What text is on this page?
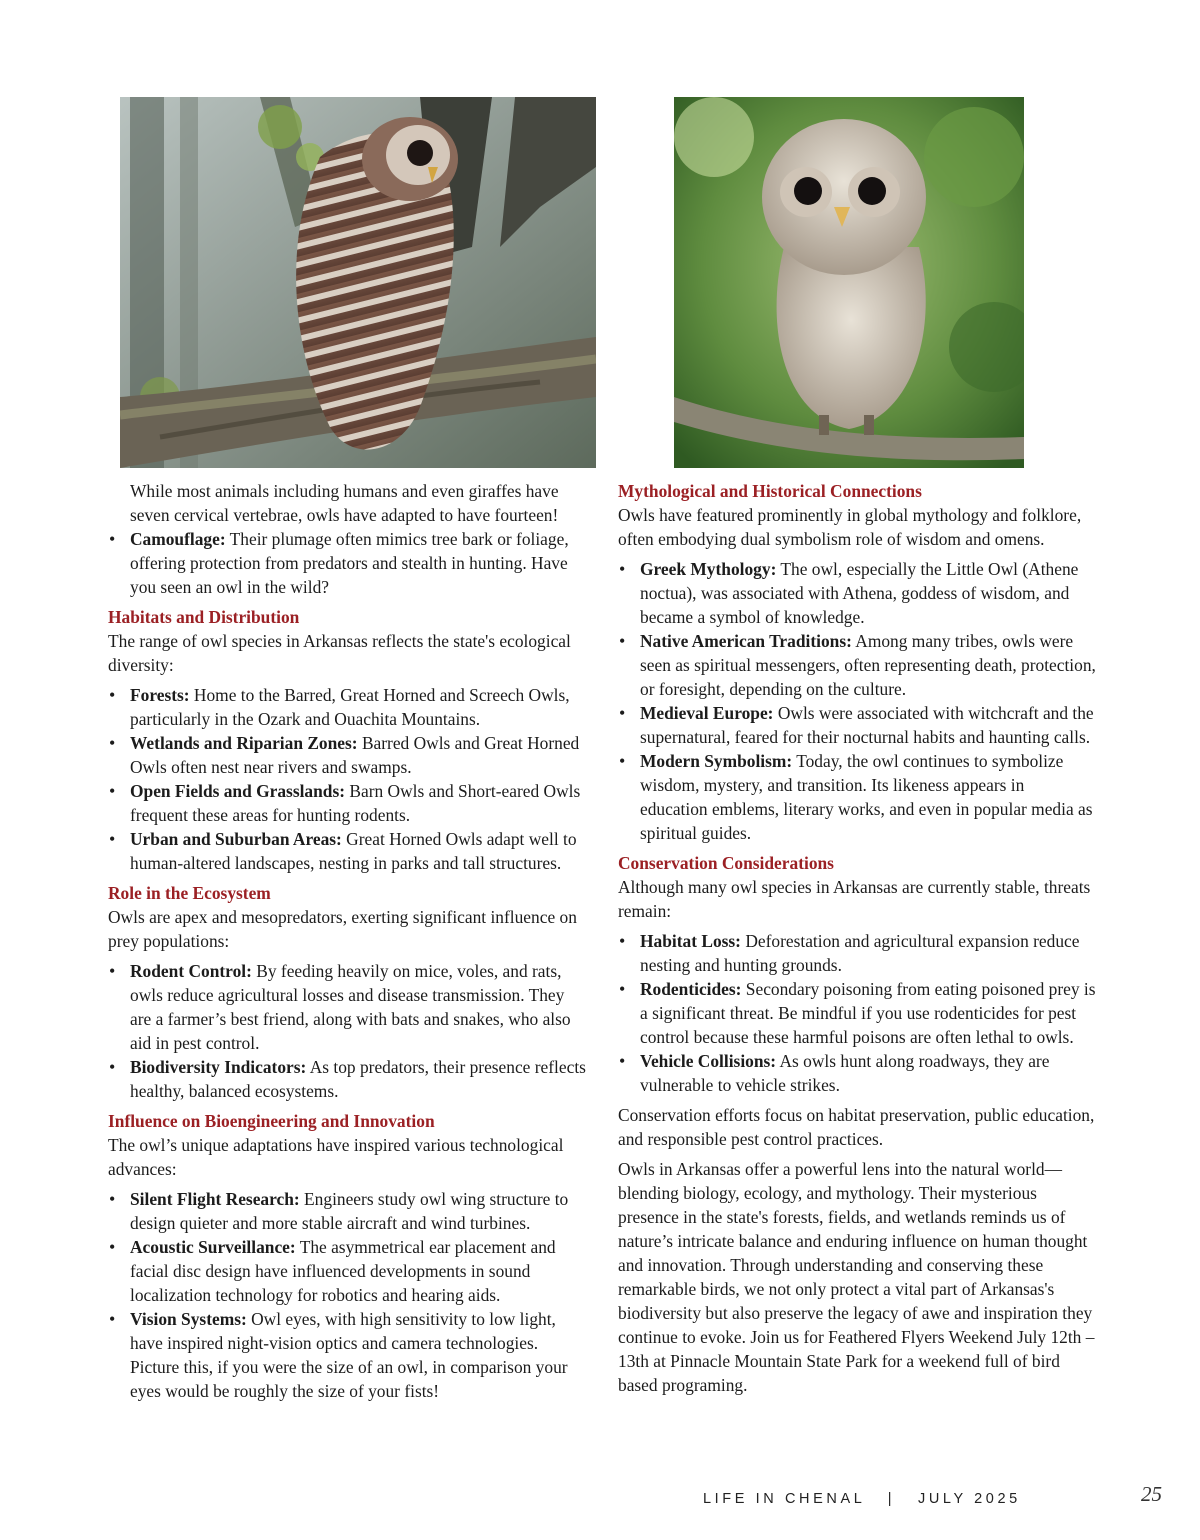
While most animals including humans and even giraffes have seven cervical vertebrae, owls have adapted to have fourteen!

• Camouflage: Their plumage often mimics tree bark or foliage, offering protection from predators and stealth in hunting. Have you seen an owl in the wild?

Habitats and Distribution

The range of owl species in Arkansas reflects the state's ecological diversity:

• Forests: Home to the Barred, Great Horned and Screech Owls, particularly in the Ozark and Ouachita Mountains.
• Wetlands and Riparian Zones: Barred Owls and Great Horned Owls often nest near rivers and swamps.
• Open Fields and Grasslands: Barn Owls and Short-eared Owls frequent these areas for hunting rodents.
• Urban and Suburban Areas: Great Horned Owls adapt well to human-altered landscapes, nesting in parks and tall structures.

Role in the Ecosystem

Owls are apex and mesopredators, exerting significant influence on prey populations:

• Rodent Control: By feeding heavily on mice, voles, and rats, owls reduce agricultural losses and disease transmission. They are a farmer’s best friend, along with bats and snakes, who also aid in pest control.
• Biodiversity Indicators: As top predators, their presence reflects healthy, balanced ecosystems.

Influence on Bioengineering and Innovation

The owl’s unique adaptations have inspired various technological advances:

• Silent Flight Research: Engineers study owl wing structure to design quieter and more stable aircraft and wind turbines.
• Acoustic Surveillance: The asymmetrical ear placement and facial disc design have influenced developments in sound localization technology for robotics and hearing aids.
• Vision Systems: Owl eyes, with high sensitivity to low light, have inspired night-vision optics and camera technologies. Picture this, if you were the size of an owl, in comparison your eyes would be roughly the size of your fists!

Mythological and Historical Connections

Owls have featured prominently in global mythology and folklore, often embodying dual symbolism role of wisdom and omens.

• Greek Mythology: The owl, especially the Little Owl (Athene noctua), was associated with Athena, goddess of wisdom, and became a symbol of knowledge.
• Native American Traditions: Among many tribes, owls were seen as spiritual messengers, often representing death, protection, or foresight, depending on the culture.
• Medieval Europe: Owls were associated with witchcraft and the supernatural, feared for their nocturnal habits and haunting calls.
• Modern Symbolism: Today, the owl continues to symbolize wisdom, mystery, and transition. Its likeness appears in education emblems, literary works, and even in popular media as spiritual guides.

Conservation Considerations

Although many owl species in Arkansas are currently stable, threats remain:

• Habitat Loss: Deforestation and agricultural expansion reduce nesting and hunting grounds.
• Rodenticides: Secondary poisoning from eating poisoned prey is a significant threat. Be mindful if you use rodenticides for pest control because these harmful poisons are often lethal to owls.
• Vehicle Collisions: As owls hunt along roadways, they are vulnerable to vehicle strikes.

Conservation efforts focus on habitat preservation, public education, and responsible pest control practices.

Owls in Arkansas offer a powerful lens into the natural world—blending biology, ecology, and mythology. Their mysterious presence in the state's forests, fields, and wetlands reminds us of nature’s intricate balance and enduring influence on human thought and innovation. Through understanding and conserving these remarkable birds, we not only protect a vital part of Arkansas's biodiversity but also preserve the legacy of awe and inspiration they continue to evoke. Join us for Feathered Flyers Weekend July 12th – 13th at Pinnacle Mountain State Park for a weekend full of bird based programing.

LIFE IN CHENAL   |   JULY 2025	25
